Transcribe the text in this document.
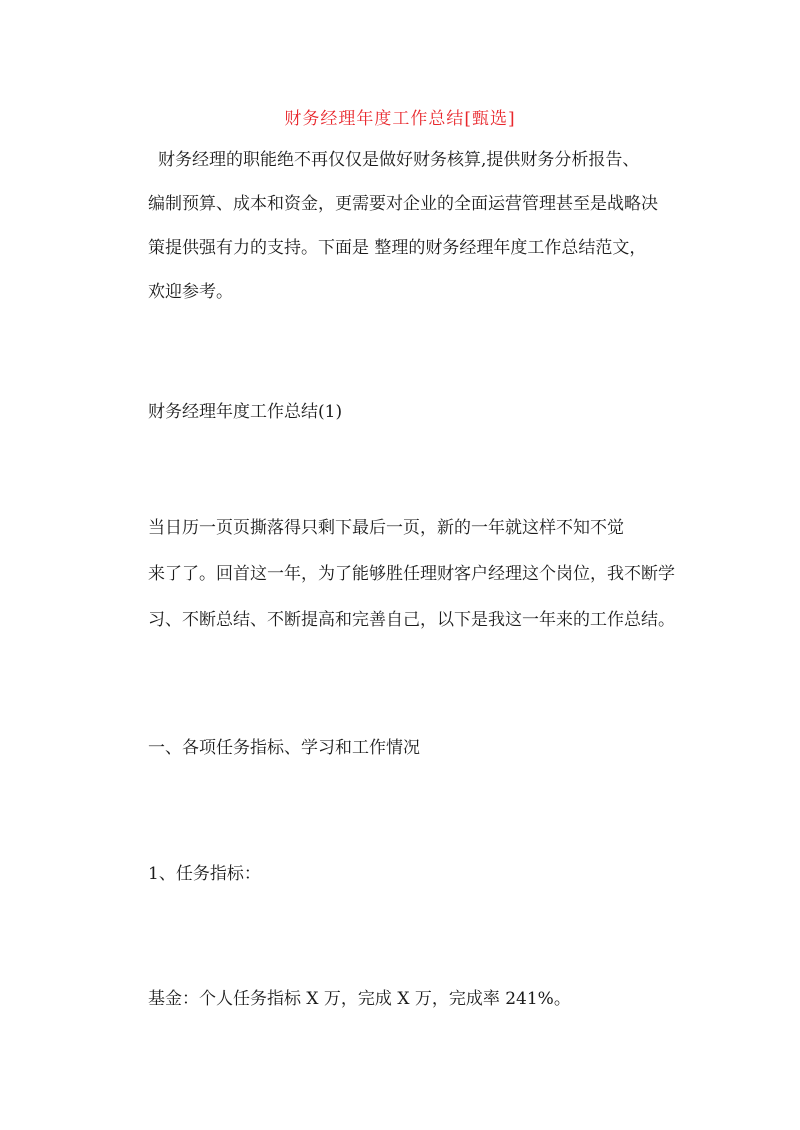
财务经理年度工作总结[甄选]
财务经理的职能绝不再仅仅是做好财务核算,提供财务分析报告、
编制预算、成本和资金，更需要对企业的全面运营管理甚至是战略决
策提供强有力的支持。下面是 整理的财务经理年度工作总结范文，
欢迎参考。
财务经理年度工作总结(1)
当日历一页页撕落得只剩下最后一页，新的一年就这样不知不觉
来了了。回首这一年，为了能够胜任理财客户经理这个岗位，我不断学
习、不断总结、不断提高和完善自己，以下是我这一年来的工作总结。
一、各项任务指标、学习和工作情况
1、任务指标：
基金：个人任务指标 X 万，完成 X 万，完成率 241%。
